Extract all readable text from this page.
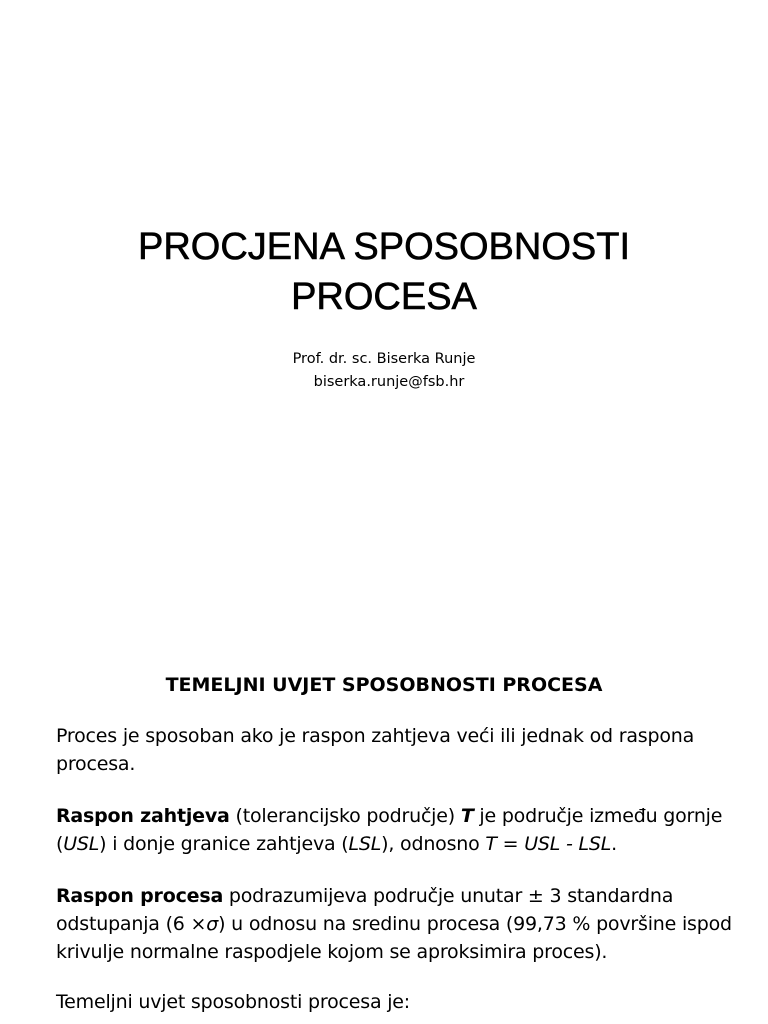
PROCJENA SPOSOBNOSTI
PROCESA
Prof. dr. sc. Biserka Runje
biserka.runje@fsb.hr
TEMELJNI UVJET SPOSOBNOSTI PROCESA

Proces je sposoban ako je raspon zahtjeva veći ili jednak od raspona procesa.

Raspon zahtjeva (tolerancijsko područje) T je područje između gornje (USL) i donje granice zahtjeva (LSL), odnosno T = USL - LSL.

Raspon procesa podrazumijeva područje unutar ± 3 standardna odstupanja (6 ×σ) u odnosu na sredinu procesa (99,73 % površine ispod krivulje normalne raspodjele kojom se aproksimira proces).

Temeljni uvjet sposobnosti procesa je:
